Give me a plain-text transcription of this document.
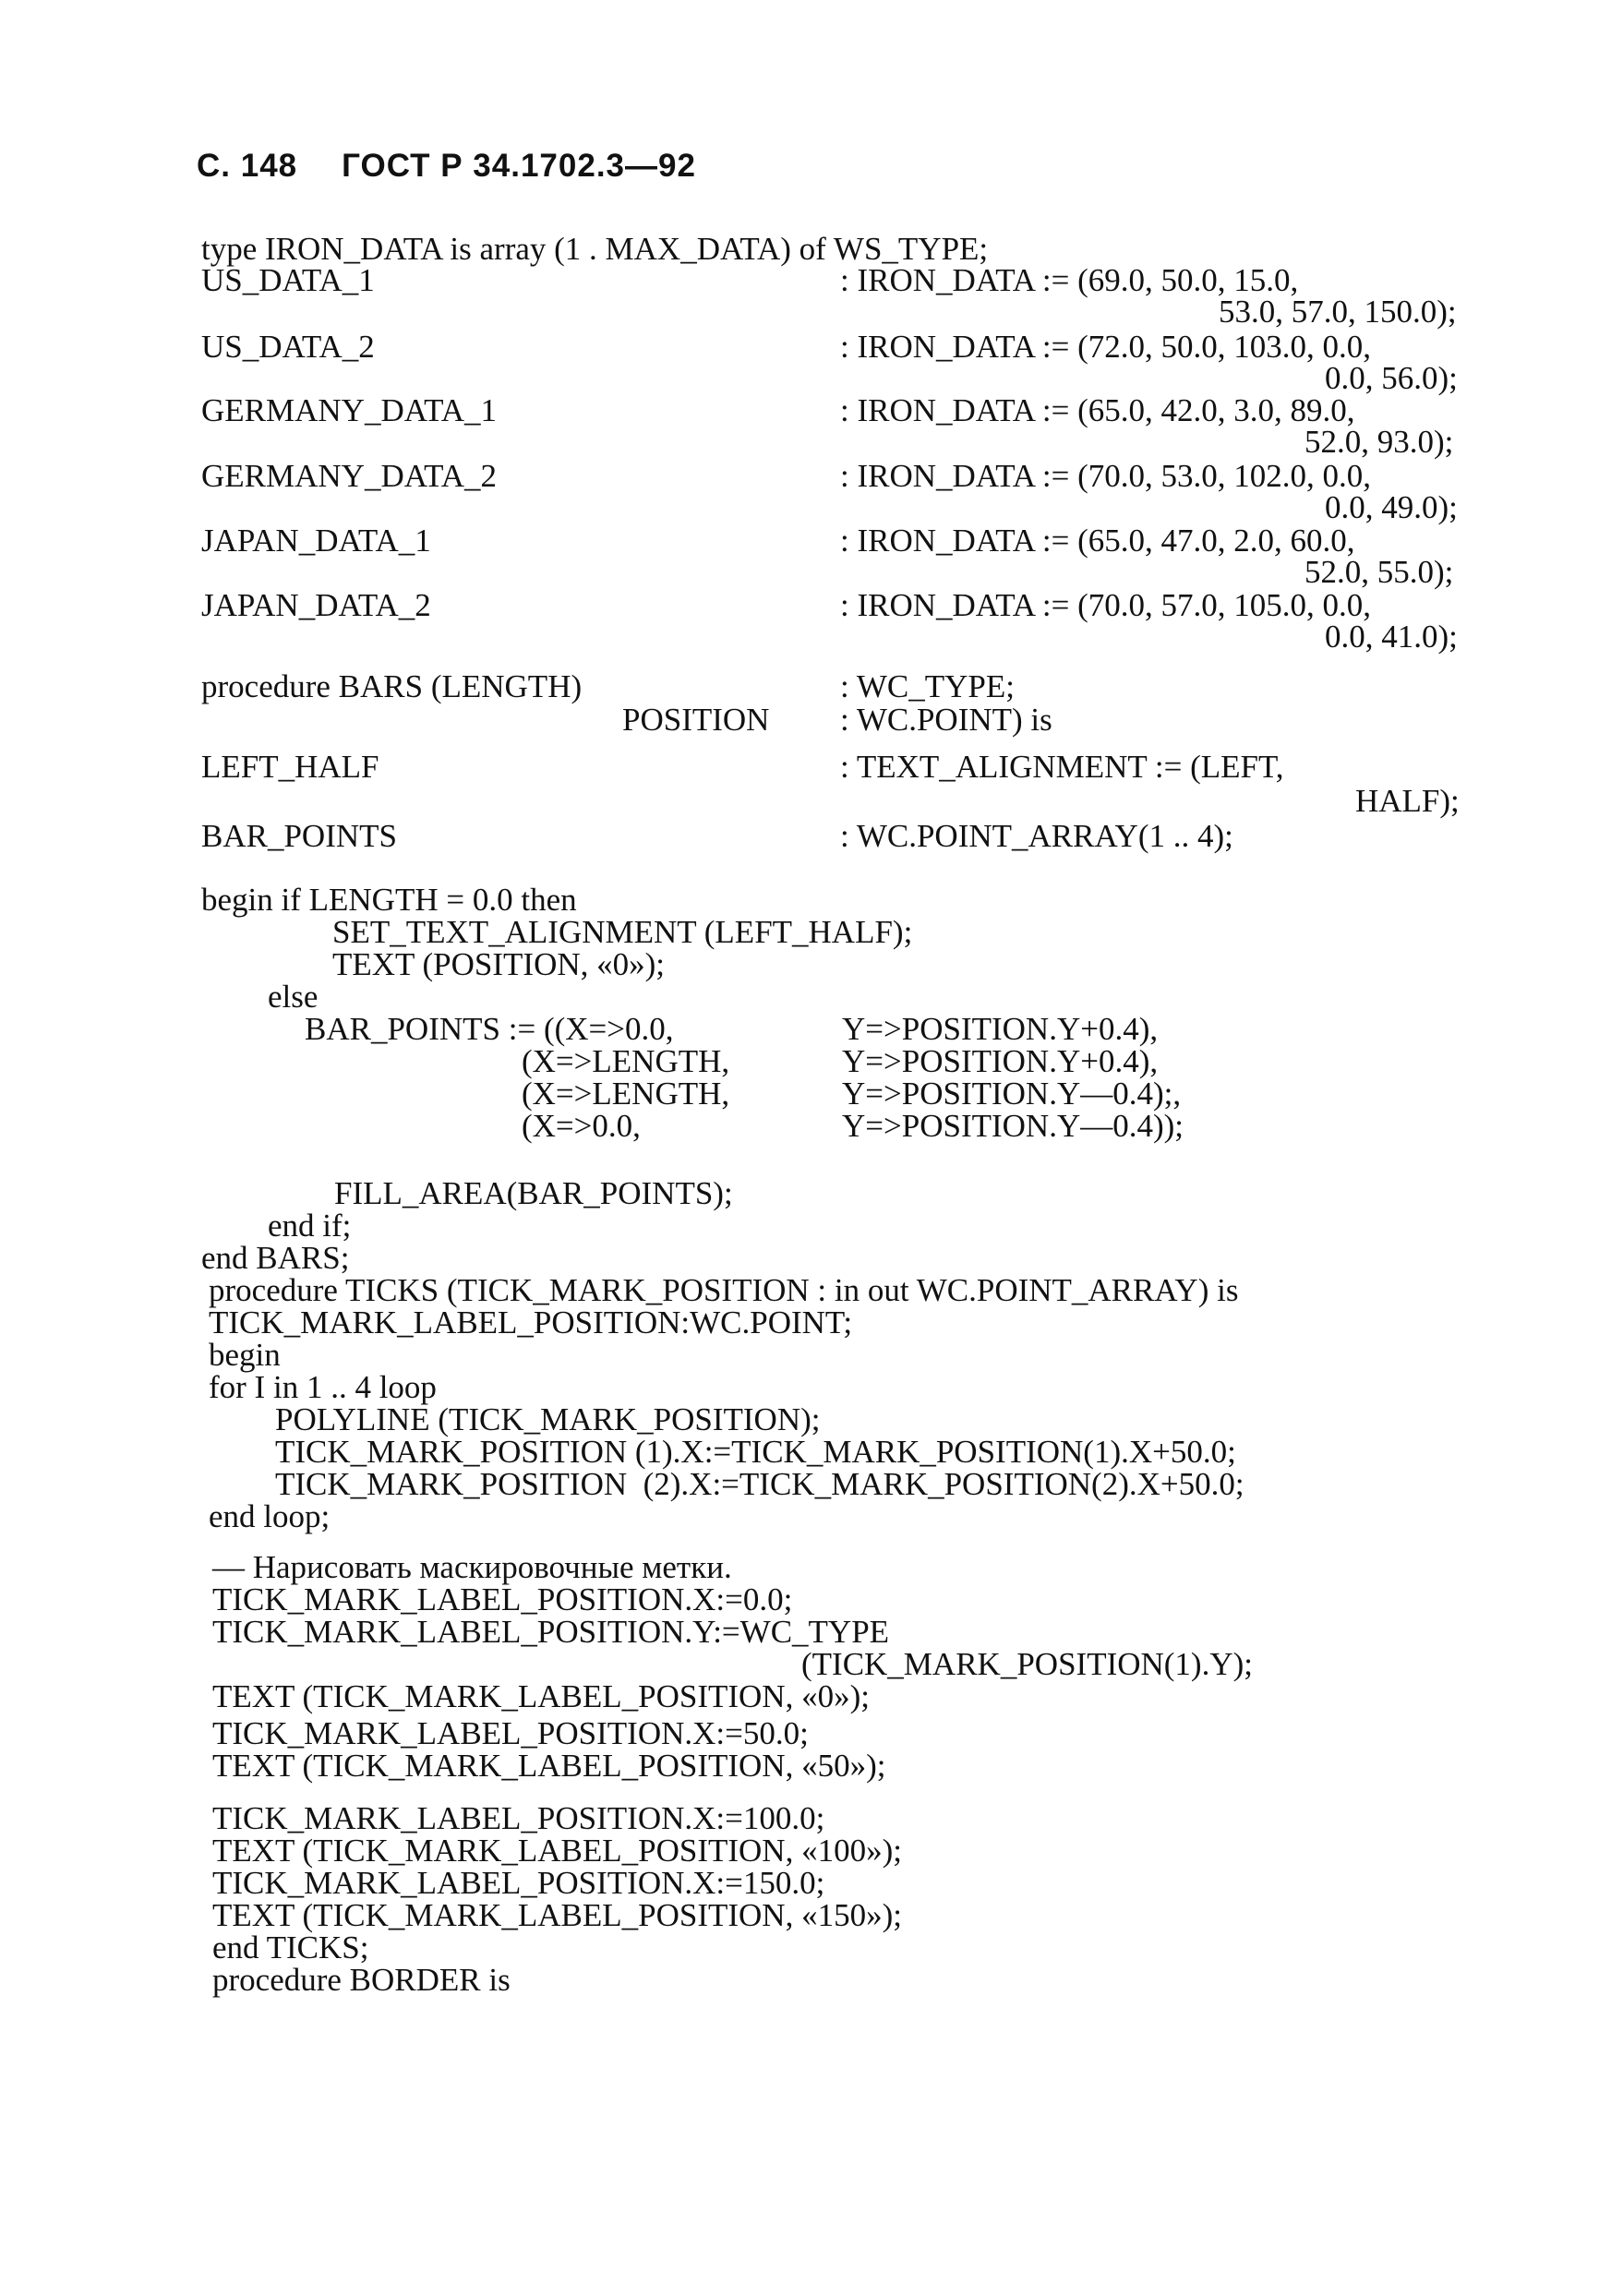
С. 148 ГОСТ Р 34.1702.3—92
type IRON_DATA is array (1 . MAX_DATA) of WS_TYPE;
US_DATA_1	: IRON_DATA := (69.0, 50.0, 15.0,
53.0, 57.0, 150.0);
US_DATA_2	: IRON_DATA := (72.0, 50.0, 103.0, 0.0,
0.0, 56.0);
GERMANY_DATA_1	: IRON_DATA := (65.0, 42.0, 3.0, 89.0,
52.0, 93.0);
GERMANY_DATA_2	: IRON_DATA := (70.0, 53.0, 102.0, 0.0,
0.0, 49.0);
JAPAN_DATA_1	: IRON_DATA := (65.0, 47.0, 2.0, 60.0,
52.0, 55.0);
JAPAN_DATA_2	: IRON_DATA := (70.0, 57.0, 105.0, 0.0,
0.0, 41.0);
procedure BARS (LENGTH)	: WC_TYPE;
POSITION : WC.POINT) is
LEFT_HALF	: TEXT_ALIGNMENT := (LEFT,
HALF);
BAR_POINTS	: WC.POINT_ARRAY(1 .. 4);
begin if LENGTH = 0.0 then
SET_TEXT_ALIGNMENT (LEFT_HALF);
TEXT (POSITION, «0»);
else
BAR_POINTS := ((X=>0.0,	Y=>POSITION.Y+0.4),
(X=>LENGTH,	Y=>POSITION.Y+0.4),
(X=>LENGTH,	Y=>POSITION.Y—0.4);,
(X=>0.0,	Y=>POSITION.Y—0.4));
FILL_AREA(BAR_POINTS);
end if;
end BARS;
procedure TICKS (TICK_MARK_POSITION : in out WC.POINT_ARRAY) is
TICK_MARK_LABEL_POSITION:WC.POINT;
begin
for I in 1 .. 4 loop
POLYLINE (TICK_MARK_POSITION);
TICK_MARK_POSITION (1).X:=TICK_MARK_POSITION(1).X+50.0;
TICK_MARK_POSITION  (2).X:=TICK_MARK_POSITION(2).X+50.0;
end loop;
— Нарисовать маскировочные метки.
TICK_MARK_LABEL_POSITION.X:=0.0;
TICK_MARK_LABEL_POSITION.Y:=WC_TYPE
(TICK_MARK_POSITION(1).Y);
TEXT (TICK_MARK_LABEL_POSITION, «0»);
TICK_MARK_LABEL_POSITION.X:=50.0;
TEXT (TICK_MARK_LABEL_POSITION, «50»);
TICK_MARK_LABEL_POSITION.X:=100.0;
TEXT (TICK_MARK_LABEL_POSITION, «100»);
TICK_MARK_LABEL_POSITION.X:=150.0;
TEXT (TICK_MARK_LABEL_POSITION, «150»);
end TICKS;
procedure BORDER is
